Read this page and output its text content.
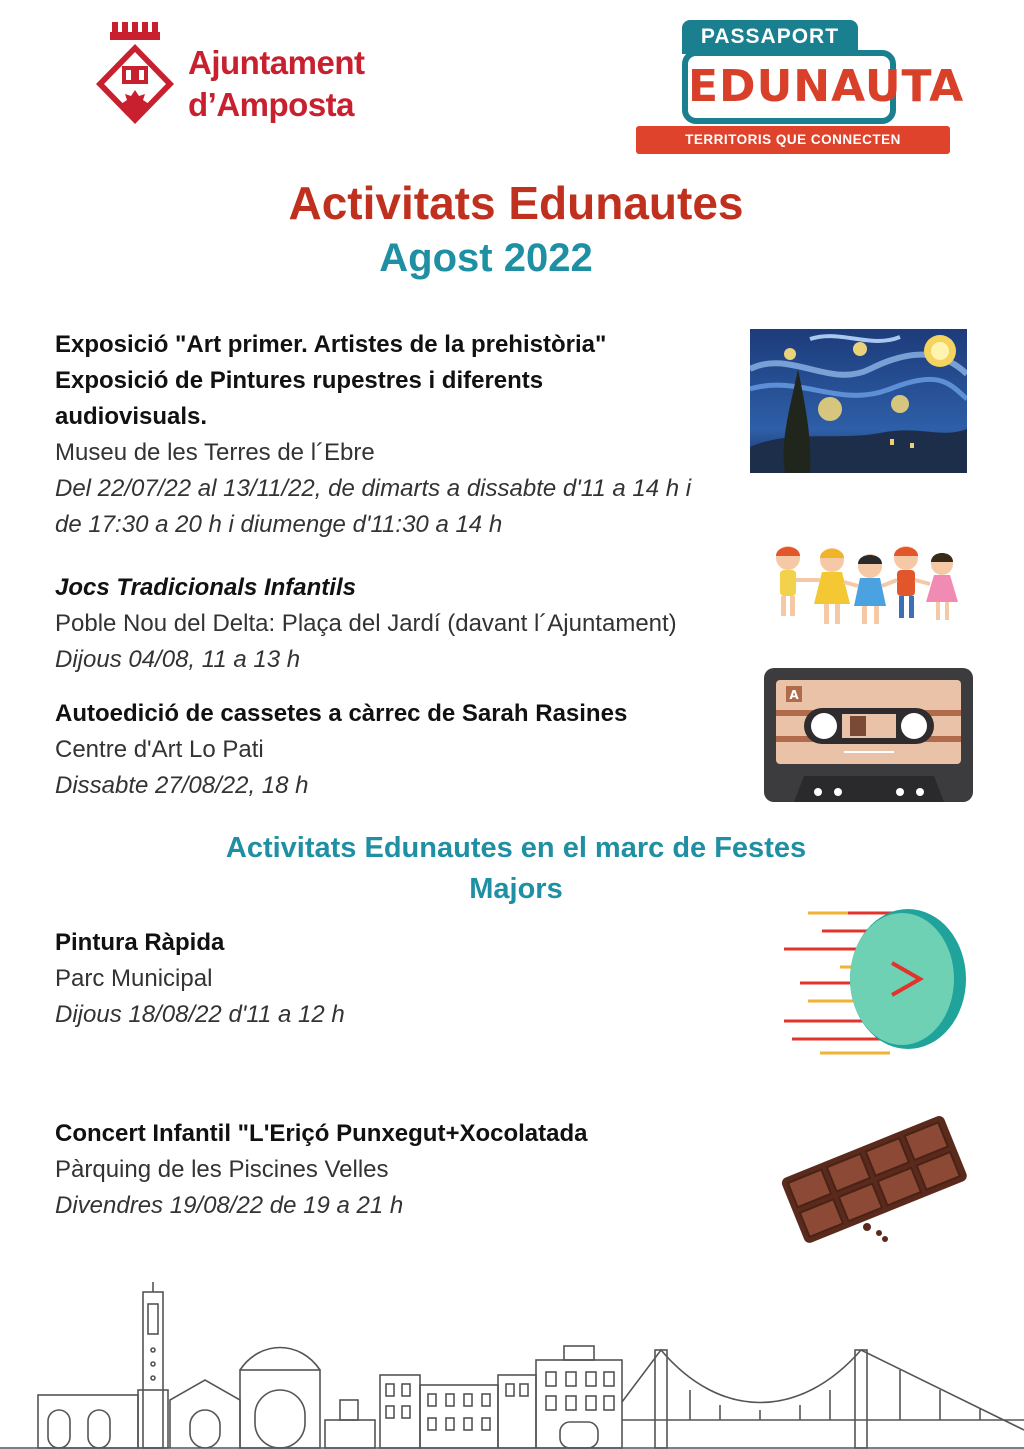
Ajuntament
d’Amposta
PASSAPORT
EDUNAUTA
TERRITORIS QUE CONNECTEN OPORTUNITATS
Activitats Edunautes
Agost 2022
Exposició "Art primer. Artistes de la prehistòria"
Exposició de Pintures rupestres i diferents
audiovisuals.
Museu de les Terres de l´Ebre
Del 22/07/22 al 13/11/22, de dimarts a dissabte d'11 a 14 h i
de 17:30 a 20 h i diumenge d'11:30 a 14 h
Jocs Tradicionals Infantils
Poble Nou del Delta: Plaça del Jardí (davant l´Ajuntament)
Dijous 04/08, 11 a 13 h
Autoedició de cassetes a càrrec de Sarah Rasines
Centre d'Art Lo Pati
Dissabte 27/08/22, 18 h
A
Activitats Edunautes en el marc de Festes
Majors
Pintura Ràpida
Parc Municipal
Dijous 18/08/22 d'11 a 12 h
Concert Infantil "L'Eriçó Punxegut+Xocolatada
Pàrquing de les Piscines Velles
Divendres 19/08/22 de 19 a 21 h
